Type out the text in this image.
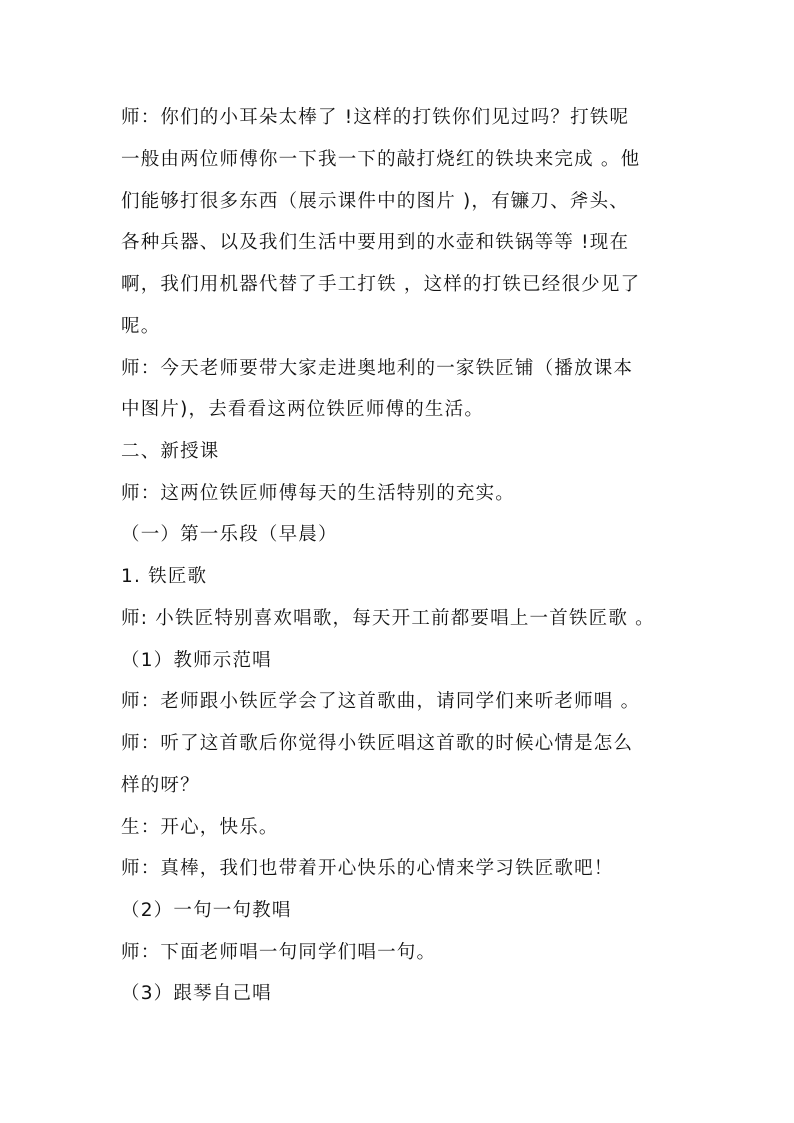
师：你们的小耳朵太棒了 !这样的打铁你们见过吗？打铁呢
一般由两位师傅你一下我一下的敲打烧红的铁块来完成 。他
们能够打很多东西（展示课件中的图片 )，有镰刀、斧头、
各种兵器、以及我们生活中要用到的水壶和铁锅等等 !现在
啊，我们用机器代替了手工打铁 ，这样的打铁已经很少见了
呢。
师：今天老师要带大家走进奥地利的一家铁匠铺（播放课本
中图片)，去看看这两位铁匠师傅的生活。
二、新授课
师：这两位铁匠师傅每天的生活特别的充实。
（一）第一乐段（早晨）
1. 铁匠歌
师: 小铁匠特别喜欢唱歌，每天开工前都要唱上一首铁匠歌 。
（1）教师示范唱
师：老师跟小铁匠学会了这首歌曲，请同学们来听老师唱 。
师：听了这首歌后你觉得小铁匠唱这首歌的时候心情是怎么
样的呀？
生：开心，快乐。
师：真棒，我们也带着开心快乐的心情来学习铁匠歌吧！
（2）一句一句教唱
师：下面老师唱一句同学们唱一句。
（3）跟琴自己唱
